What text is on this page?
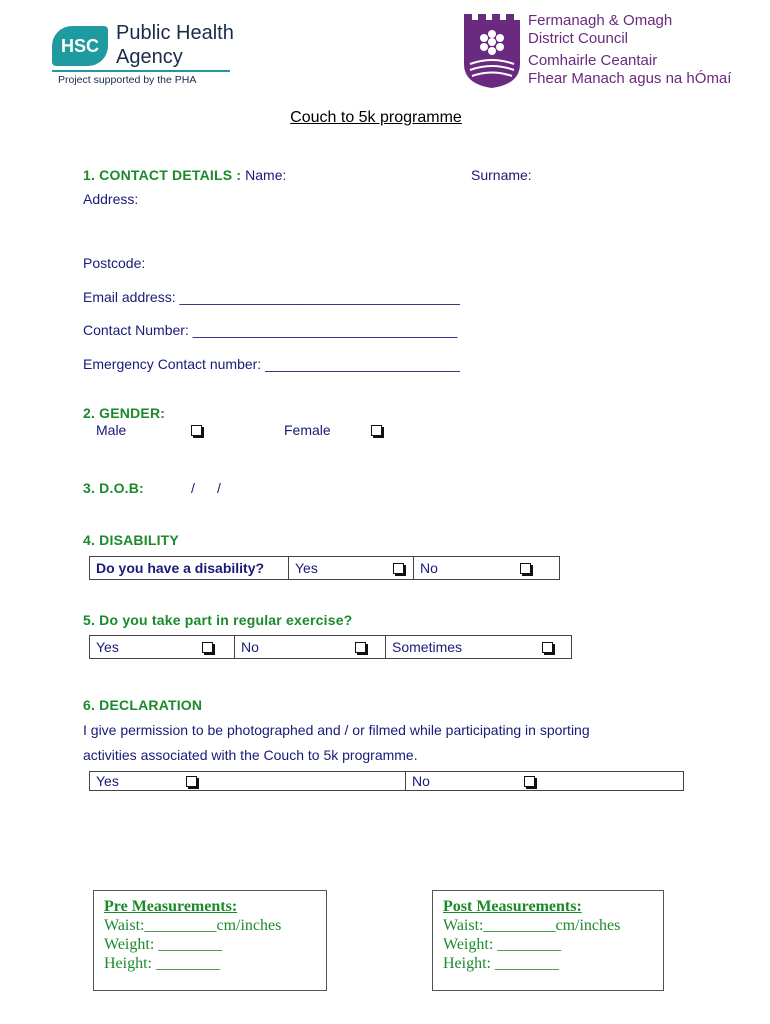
HSC
Public Health
Agency
Project supported by the PHA
Fermanagh & Omagh
District Council
Comhairle Ceantair
Fhear Manach agus na hÓmaí
Couch to 5k programme
1. CONTACT DETAILS : Name:	Surname:
Address:
Postcode:
Email address: ____________________________________
Contact Number: __________________________________
Emergency Contact number: _________________________
2. GENDER:
Male	Female
3. D.O.B:	/ /
4. DISABILITY
Do you have a disability?	Yes	No
5. Do you take part in regular exercise?
Yes	No	Sometimes
6. DECLARATION
I give permission to be photographed and / or filmed while participating in sporting
activities associated with the Couch to 5k programme.
Yes	No
Pre Measurements:
Waist:_________cm/inches
Weight: ________
Height: ________
Post Measurements:
Waist:_________cm/inches
Weight: ________
Height: ________
